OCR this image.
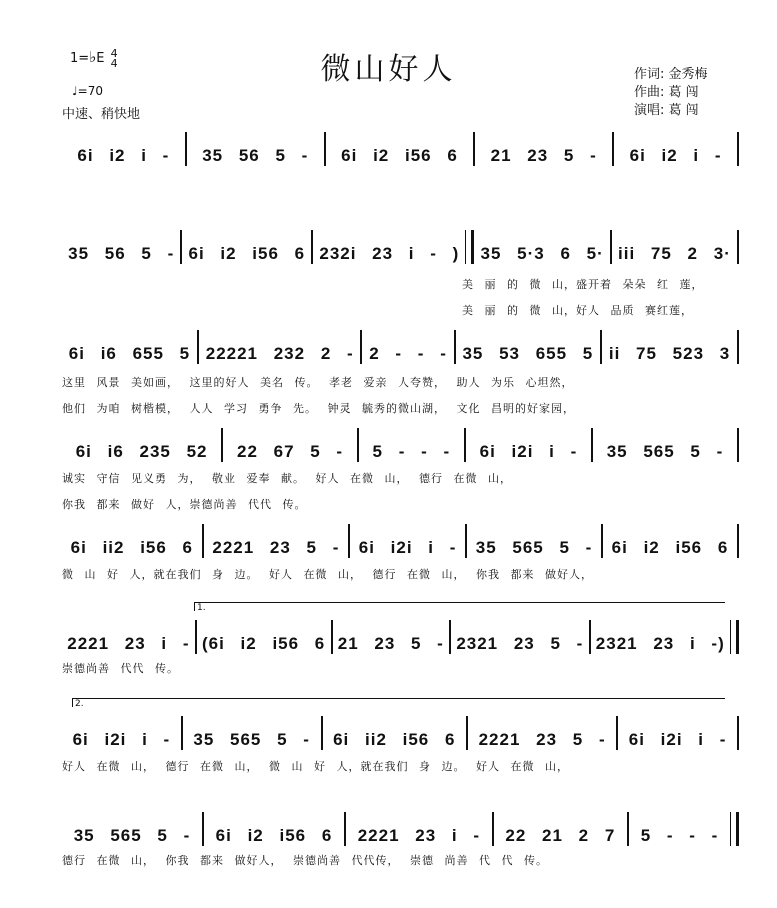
微山好人
1=♭E 4
4
♩=70
中速、稍快地
作词: 金秀梅
作曲: 葛 闯
演唱: 葛 闯
6i i2 i -	35 56 5 -	6i i2 i56 6	21 23 5 -	6i i2 i -
35 56 5 - 6i i2 i56 6 232i 23 i - )	35 5·3 6 5· iii 75 2 3·
美 丽 的 微 山，盛开着 朵朵 红 莲，
美 丽 的 微 山，好人 品质 赛红莲，
6i i6 655 5 22221 232 2 - 2 - - - 35 53 655 5 ii 75 523 3
这里 风景 美如画， 这里的好人 美名 传。 孝老 爱亲 人夸赞， 助人 为乐 心坦然，
他们 为咱 树楷模， 人人 学习 勇争 先。 钟灵 毓秀的微山湖， 文化 昌明的好家园，
6i i6 235 52	22 67 5 -	5 - - -	6i i2i i -	35 565 5 -
诚实 守信 见义勇 为， 敬业 爱奉 献。 好人 在微 山， 德行 在微 山，
你我 都来 做好 人，崇德尚善 代代 传。
6i ii2 i56 6	2221 23 5 -	6i i2i i -	35 565 5 -	6i i2 i56 6
微 山 好 人，就在我们 身 边。 好人 在微 山， 德行 在微 山， 你我 都来 做好人，
1.
2221 23 i - (6i i2 i56 6 21 23 5 - 2321 23 5 - 2321 23 i -)
崇德尚善 代代 传。
2.
6i i2i i -	35 565 5 -	6i ii2 i56 6	2221 23 5 -	6i i2i i -
好人 在微 山， 德行 在微 山， 微 山 好 人，就在我们 身 边。 好人 在微 山，
35 565 5 -	6i i2 i56 6	2221 23 i -	22 21 2 7	5 - - -
德行 在微 山， 你我 都来 做好人， 崇德尚善 代代传， 崇德 尚善 代 代 传。
